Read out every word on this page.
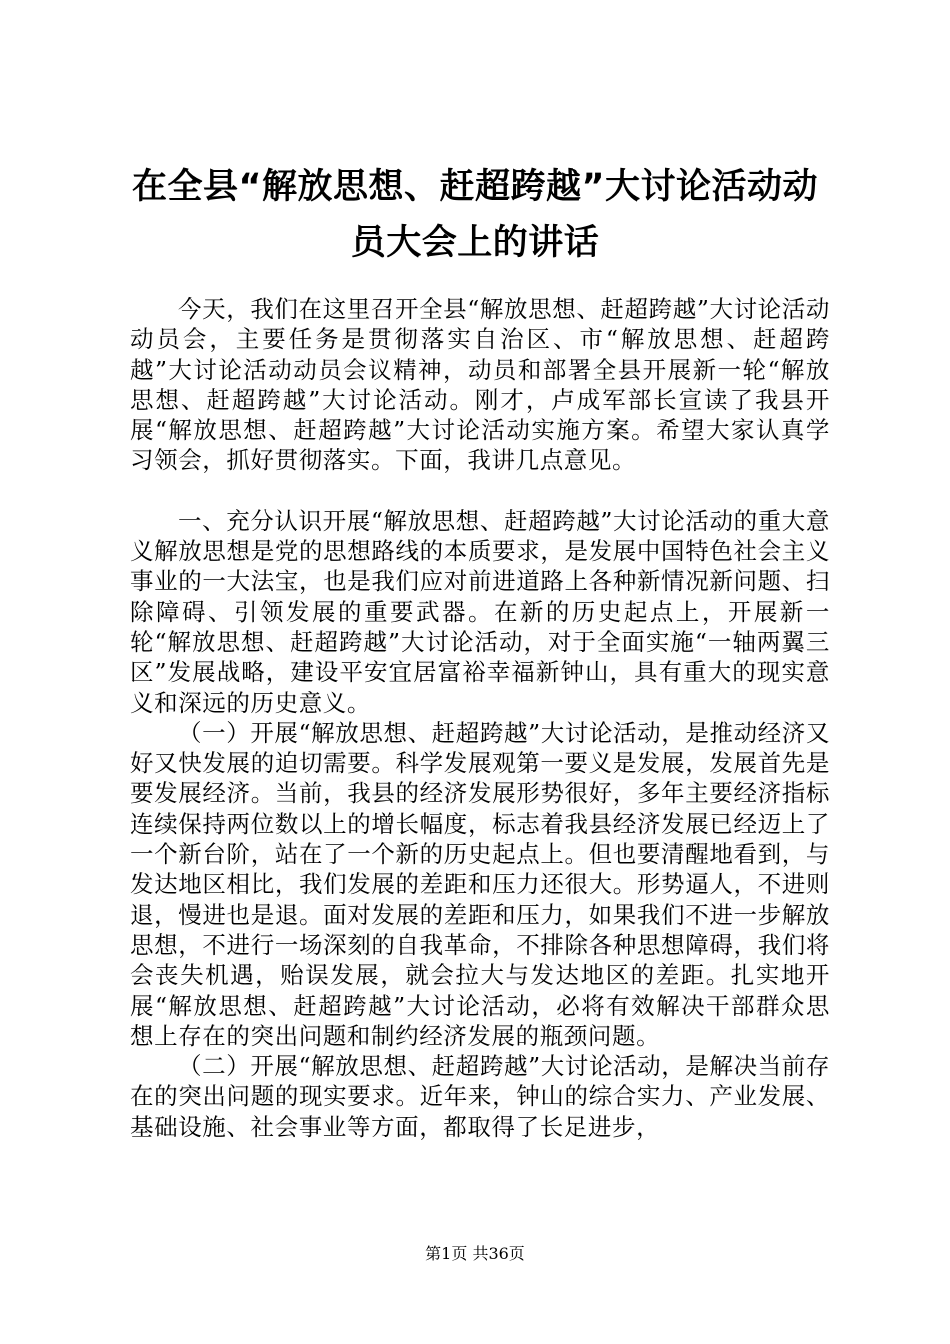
在全县“解放思想、赶超跨越”大讨论活动动
员大会上的讲话

今天，我们在这里召开全县“解放思想、赶超跨越”大讨论活动动员会，主要任务是贯彻落实自治区、市“解放思想、赶超跨越”大讨论活动动员会议精神，动员和部署全县开展新一轮“解放思想、赶超跨越”大讨论活动。刚才，卢成军部长宣读了我县开展“解放思想、赶超跨越”大讨论活动实施方案。希望大家认真学习领会，抓好贯彻落实。下面，我讲几点意见。

一、充分认识开展“解放思想、赶超跨越”大讨论活动的重大意义解放思想是党的思想路线的本质要求，是发展中国特色社会主义事业的一大法宝，也是我们应对前进道路上各种新情况新问题、扫除障碍、引领发展的重要武器。在新的历史起点上，开展新一轮“解放思想、赶超跨越”大讨论活动，对于全面实施“一轴两翼三区”发展战略，建设平安宜居富裕幸福新钟山，具有重大的现实意义和深远的历史意义。

（一）开展“解放思想、赶超跨越”大讨论活动，是推动经济又好又快发展的迫切需要。科学发展观第一要义是发展，发展首先是要发展经济。当前，我县的经济发展形势很好，多年主要经济指标连续保持两位数以上的增长幅度，标志着我县经济发展已经迈上了一个新台阶，站在了一个新的历史起点上。但也要清醒地看到，与发达地区相比，我们发展的差距和压力还很大。形势逼人，不进则退，慢进也是退。面对发展的差距和压力，如果我们不进一步解放思想，不进行一场深刻的自我革命，不排除各种思想障碍，我们将会丧失机遇，贻误发展，就会拉大与发达地区的差距。扎实地开展“解放思想、赶超跨越”大讨论活动，必将有效解决干部群众思想上存在的突出问题和制约经济发展的瓶颈问题。

（二）开展“解放思想、赶超跨越”大讨论活动，是解决当前存在的突出问题的现实要求。近年来，钟山的综合实力、产业发展、基础设施、社会事业等方面，都取得了长足进步，

第1页 共36页
